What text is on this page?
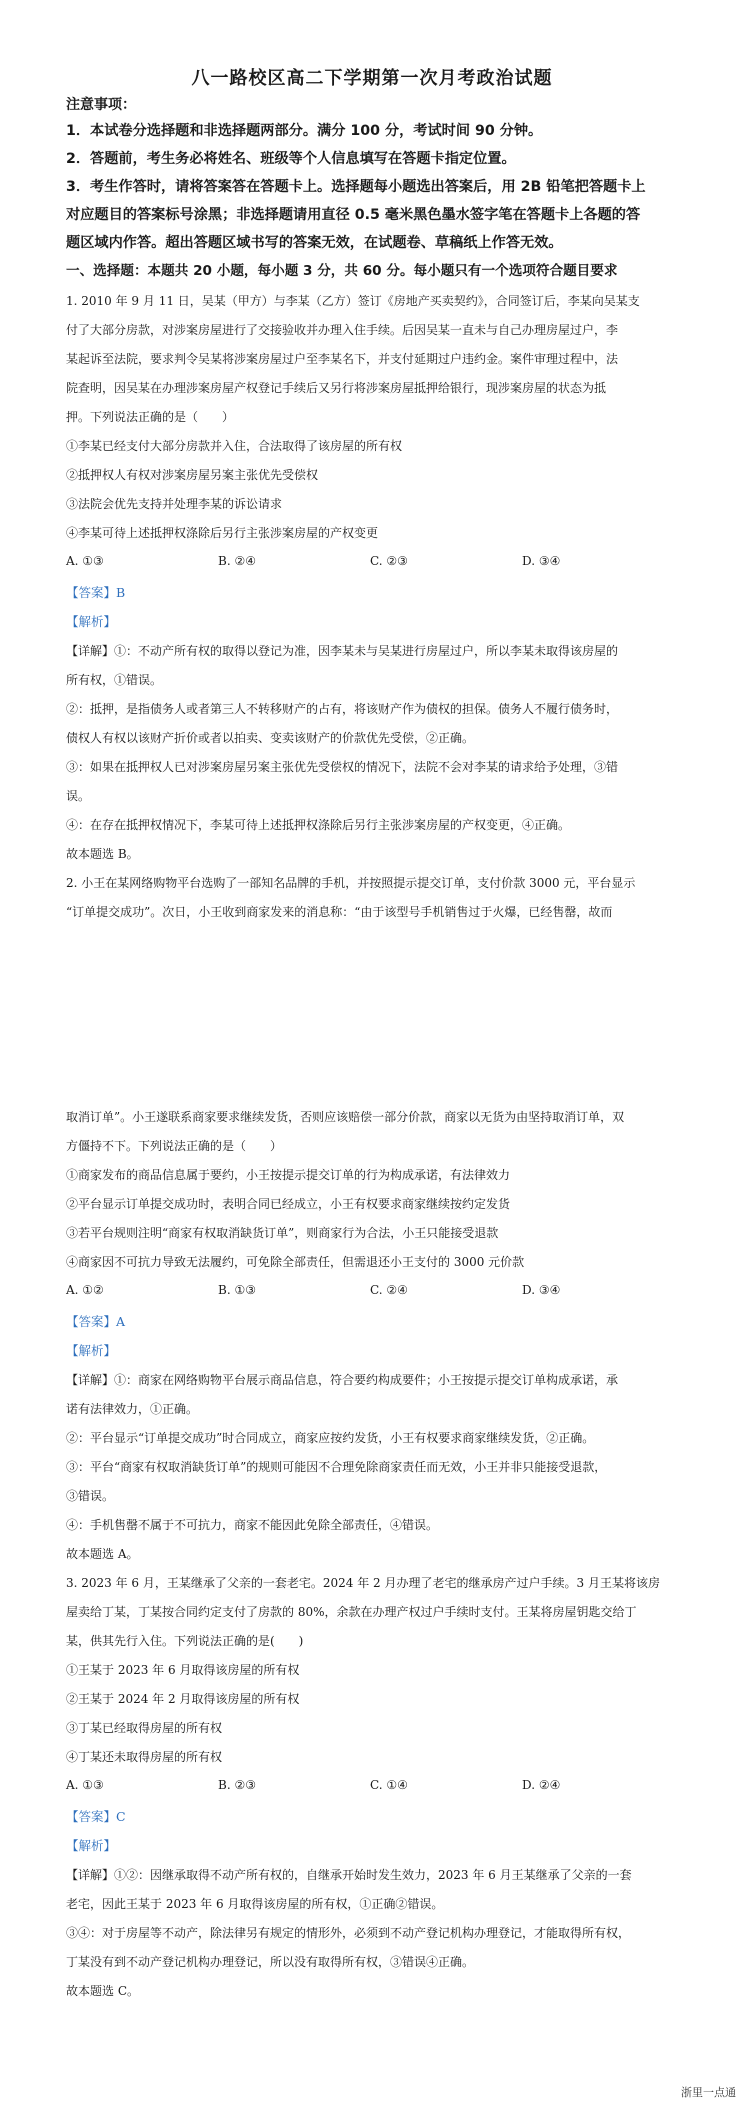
八一路校区高二下学期第一次月考政治试题
注意事项：
1．本试卷分选择题和非选择题两部分。满分 100 分，考试时间 90 分钟。
2．答题前，考生务必将姓名、班级等个人信息填写在答题卡指定位置。
3．考生作答时，请将答案答在答题卡上。选择题每小题选出答案后，用 2B 铅笔把答题卡上
对应题目的答案标号涂黑；非选择题请用直径 0.5 毫米黑色墨水签字笔在答题卡上各题的答
题区域内作答。超出答题区域书写的答案无效，在试题卷、草稿纸上作答无效。
一、选择题：本题共 20 小题，每小题 3 分，共 60 分。每小题只有一个选项符合题目要求
1. 2010 年 9 月 11 日，吴某（甲方）与李某（乙方）签订《房地产买卖契约》，合同签订后，李某向吴某支
付了大部分房款，对涉案房屋进行了交接验收并办理入住手续。后因吴某一直未与自己办理房屋过户，李
某起诉至法院，要求判令吴某将涉案房屋过户至李某名下，并支付延期过户违约金。案件审理过程中，法
院查明，因吴某在办理涉案房屋产权登记手续后又另行将涉案房屋抵押给银行，现涉案房屋的状态为抵
押。下列说法正确的是（　　）
①李某已经支付大部分房款并入住，合法取得了该房屋的所有权
②抵押权人有权对涉案房屋另案主张优先受偿权
③法院会优先支持并处理李某的诉讼请求
④李某可待上述抵押权涤除后另行主张涉案房屋的产权变更
A. ①③	B. ②④	C. ②③	D. ③④
【答案】B
【解析】
【详解】①：不动产所有权的取得以登记为准，因李某未与吴某进行房屋过户，所以李某未取得该房屋的
所有权，①错误。
②：抵押，是指债务人或者第三人不转移财产的占有，将该财产作为债权的担保。债务人不履行债务时，
债权人有权以该财产折价或者以拍卖、变卖该财产的价款优先受偿，②正确。
③：如果在抵押权人已对涉案房屋另案主张优先受偿权的情况下，法院不会对李某的请求给予处理，③错
误。
④：在存在抵押权情况下，李某可待上述抵押权涤除后另行主张涉案房屋的产权变更，④正确。
故本题选 B。
2. 小王在某网络购物平台选购了一部知名品牌的手机，并按照提示提交订单，支付价款 3000 元，平台显示
“订单提交成功”。次日，小王收到商家发来的消息称：“由于该型号手机销售过于火爆，已经售罄，故而
取消订单”。小王遂联系商家要求继续发货，否则应该赔偿一部分价款，商家以无货为由坚持取消订单，双
方僵持不下。下列说法正确的是（　　）
①商家发布的商品信息属于要约，小王按提示提交订单的行为构成承诺，有法律效力
②平台显示订单提交成功时，表明合同已经成立，小王有权要求商家继续按约定发货
③若平台规则注明“商家有权取消缺货订单”，则商家行为合法，小王只能接受退款
④商家因不可抗力导致无法履约，可免除全部责任，但需退还小王支付的 3000 元价款
A. ①②	B. ①③	C. ②④	D. ③④
【答案】A
【解析】
【详解】①：商家在网络购物平台展示商品信息，符合要约构成要件；小王按提示提交订单构成承诺，承
诺有法律效力，①正确。
②：平台显示“订单提交成功”时合同成立，商家应按约发货，小王有权要求商家继续发货，②正确。
③：平台“商家有权取消缺货订单”的规则可能因不合理免除商家责任而无效，小王并非只能接受退款，
③错误。
④：手机售罄不属于不可抗力，商家不能因此免除全部责任，④错误。
故本题选 A。
3. 2023 年 6 月，王某继承了父亲的一套老宅。2024 年 2 月办理了老宅的继承房产过户手续。3 月王某将该房
屋卖给丁某，丁某按合同约定支付了房款的 80%，余款在办理产权过户手续时支付。王某将房屋钥匙交给丁
某，供其先行入住。下列说法正确的是(　　)
①王某于 2023 年 6 月取得该房屋的所有权
②王某于 2024 年 2 月取得该房屋的所有权
③丁某已经取得房屋的所有权
④丁某还未取得房屋的所有权
A. ①③	B. ②③	C. ①④	D. ②④
【答案】C
【解析】
【详解】①②：因继承取得不动产所有权的，自继承开始时发生效力，2023 年 6 月王某继承了父亲的一套
老宅，因此王某于 2023 年 6 月取得该房屋的所有权，①正确②错误。
③④：对于房屋等不动产，除法律另有规定的情形外，必须到不动产登记机构办理登记，才能取得所有权，
丁某没有到不动产登记机构办理登记，所以没有取得所有权，③错误④正确。
故本题选 C。
浙里一点通
